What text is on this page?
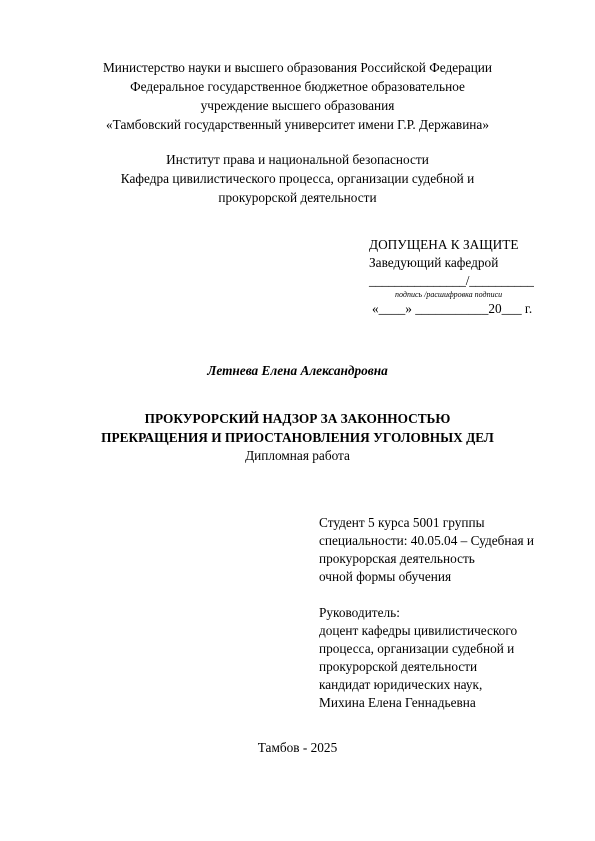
Министерство науки и высшего образования Российской Федерации
Федеральное государственное бюджетное образовательное
учреждение высшего образования
«Тамбовский государственный университет имени Г.Р. Державина»
Институт права и национальной безопасности
Кафедра цивилистического процесса, организации судебной и прокурорской деятельности
ДОПУЩЕНА К ЗАЩИТЕ
Заведующий кафедрой
_______________/__________
подпись /расшифровка подписи
«____» ___________20___ г.
Летнева Елена Александровна
ПРОКУРОРСКИЙ НАДЗОР ЗА ЗАКОННОСТЬЮ
ПРЕКРАЩЕНИЯ И ПРИОСТАНОВЛЕНИЯ УГОЛОВНЫХ ДЕЛ
Дипломная работа
Студент 5 курса 5001 группы
специальности: 40.05.04 – Судебная и
прокурорская деятельность
очной формы обучения
Руководитель:
доцент кафедры цивилистического
процесса, организации судебной и
прокурорской деятельности
кандидат юридических наук,
Михина Елена Геннадьевна
Тамбов - 2025
